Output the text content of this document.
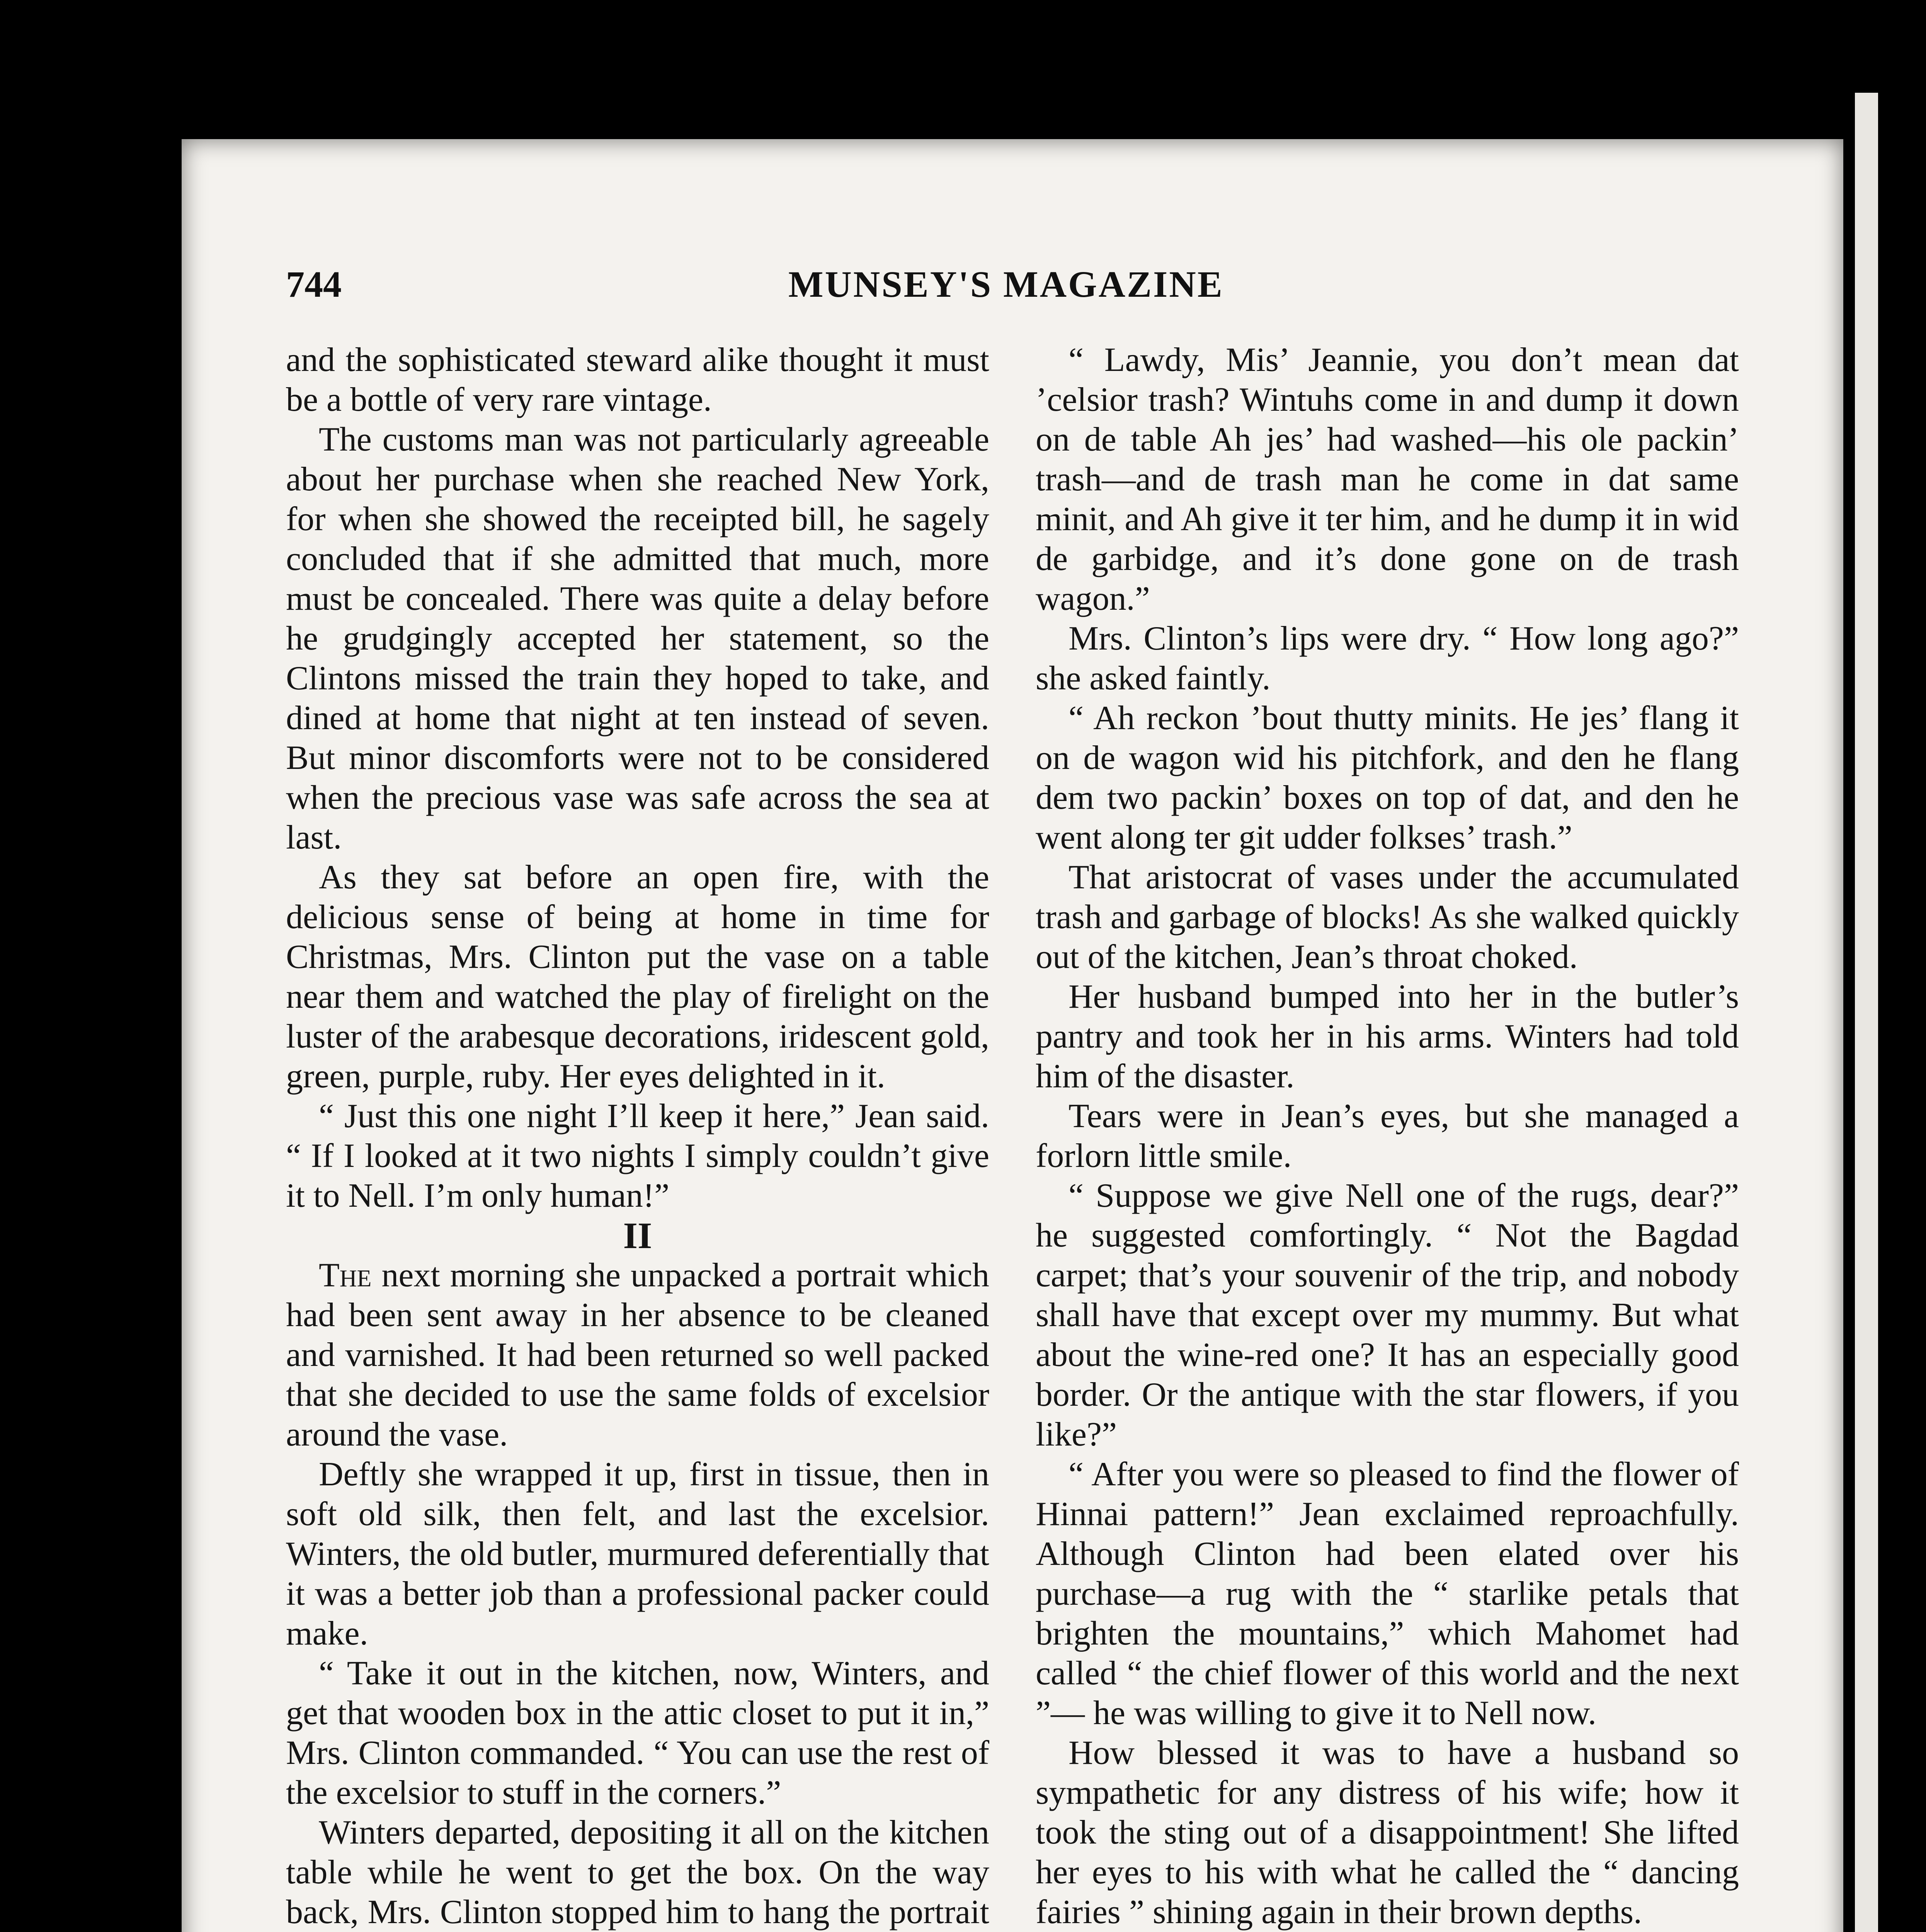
744	MUNSEY'S MAGAZINE

and the sophisticated steward alike thought it must be a bottle of very rare vintage.

The customs man was not particularly agreeable about her purchase when she reached New York, for when she showed the receipted bill, he sagely concluded that if she admitted that much, more must be concealed. There was quite a delay before he grudgingly accepted her statement, so the Clintons missed the train they hoped to take, and dined at home that night at ten instead of seven. But minor discomforts were not to be considered when the precious vase was safe across the sea at last.

As they sat before an open fire, with the delicious sense of being at home in time for Christmas, Mrs. Clinton put the vase on a table near them and watched the play of firelight on the luster of the arabesque decorations, iridescent gold, green, purple, ruby. Her eyes delighted in it.

“ Just this one night I’ll keep it here,” Jean said. “ If I looked at it two nights I simply couldn’t give it to Nell. I’m only human!”

II

The next morning she unpacked a portrait which had been sent away in her absence to be cleaned and varnished. It had been returned so well packed that she decided to use the same folds of excelsior around the vase.

Deftly she wrapped it up, first in tissue, then in soft old silk, then felt, and last the excelsior. Winters, the old butler, murmured deferentially that it was a better job than a professional packer could make.

“ Take it out in the kitchen, now, Winters, and get that wooden box in the attic closet to put it in,” Mrs. Clinton commanded. “ You can use the rest of the excelsior to stuff in the corners.”

Winters departed, depositing it all on the kitchen table while he went to get the box. On the way back, Mrs. Clinton stopped him to hang the portrait

“ Lawdy, Mis’ Jeannie, you don’t mean dat ’celsior trash? Wintuhs come in and dump it down on de table Ah jes’ had washed—his ole packin’ trash—and de trash man he come in dat same minit, and Ah give it ter him, and he dump it in wid de garbidge, and it’s done gone on de trash wagon.”

Mrs. Clinton’s lips were dry. “ How long ago?” she asked faintly.

“ Ah reckon ’bout thutty minits. He jes’ flang it on de wagon wid his pitchfork, and den he flang dem two packin’ boxes on top of dat, and den he went along ter git udder folkses’ trash.”

That aristocrat of vases under the accumulated trash and garbage of blocks! As she walked quickly out of the kitchen, Jean’s throat choked.

Her husband bumped into her in the butler’s pantry and took her in his arms. Winters had told him of the disaster.

Tears were in Jean’s eyes, but she managed a forlorn little smile.

“ Suppose we give Nell one of the rugs, dear?” he suggested comfortingly. “ Not the Bagdad carpet; that’s your souvenir of the trip, and nobody shall have that except over my mummy. But what about the wine-red one? It has an especially good border. Or the antique with the star flowers, if you like?”

“ After you were so pleased to find the flower of Hinnai pattern!” Jean exclaimed reproachfully. Although Clinton had been elated over his purchase—a rug with the “ starlike petals that brighten the mountains,” which Mahomet had called “ the chief flower of this world and the next ”— he was willing to give it to Nell now.

How blessed it was to have a husband so sympathetic for any distress of his wife; how it took the sting out of a disappointment! She lifted her eyes to his with what he called the “ dancing fairies ” shining again in their brown depths.
